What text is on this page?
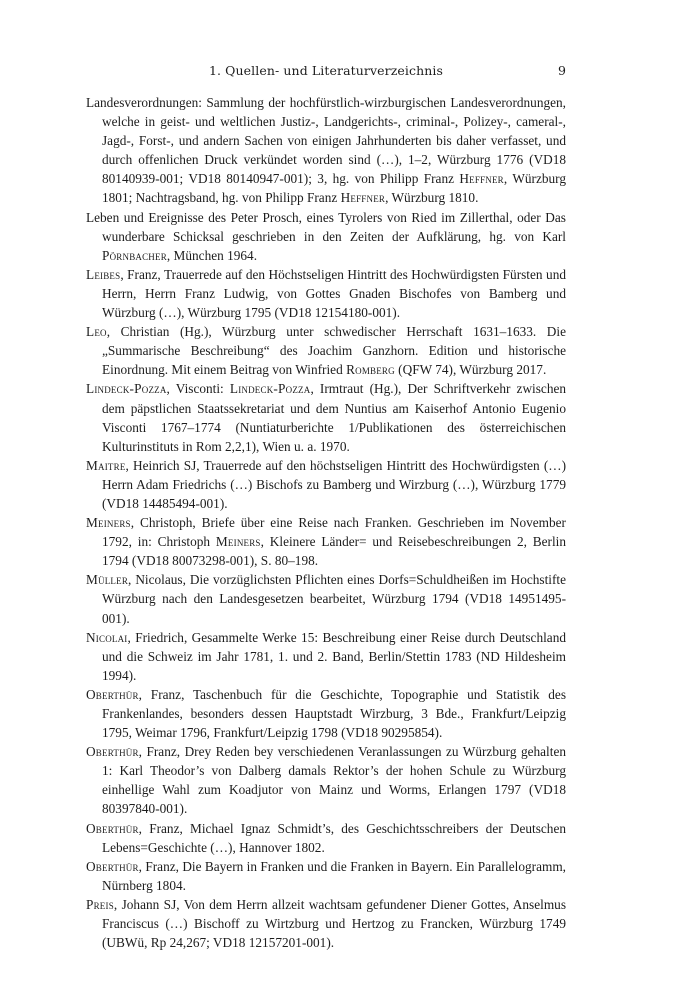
1. Quellen- und Literaturverzeichnis	9
Landesverordnungen: Sammlung der hochfürstlich-wirzburgischen Landesverordnungen, welche in geist- und weltlichen Justiz-, Landgerichts-, criminal-, Polizey-, cameral-, Jagd-, Forst-, und andern Sachen von einigen Jahrhunderten bis daher verfasset, und durch offenlichen Druck verkündet worden sind (…), 1–2, Würzburg 1776 (VD18 80140939-001; VD18 80140947-001); 3, hg. von Philipp Franz Heffner, Würzburg 1801; Nachtragsband, hg. von Philipp Franz Heffner, Würzburg 1810.
Leben und Ereignisse des Peter Prosch, eines Tyrolers von Ried im Zillerthal, oder Das wunderbare Schicksal geschrieben in den Zeiten der Aufklärung, hg. von Karl Pörnbacher, München 1964.
Leibes, Franz, Trauerrede auf den Höchstseligen Hintritt des Hochwürdigsten Fürsten und Herrn, Herrn Franz Ludwig, von Gottes Gnaden Bischofes von Bamberg und Würzburg (…), Würzburg 1795 (VD18 12154180-001).
Leo, Christian (Hg.), Würzburg unter schwedischer Herrschaft 1631–1633. Die „Summarische Beschreibung“ des Joachim Ganzhorn. Edition und historische Einordnung. Mit einem Beitrag von Winfried Romberg (QFW 74), Würzburg 2017.
Lindeck-Pozza, Visconti: Lindeck-Pozza, Irmtraut (Hg.), Der Schriftverkehr zwischen dem päpstlichen Staatssekretariat und dem Nuntius am Kaiserhof Antonio Eugenio Visconti 1767–1774 (Nuntiaturberichte 1/Publikationen des österreichischen Kulturinstituts in Rom 2,2,1), Wien u. a. 1970.
Maitre, Heinrich SJ, Trauerrede auf den höchstseligen Hintritt des Hochwürdigsten (…) Herrn Adam Friedrichs (…) Bischofs zu Bamberg und Wirzburg (…), Würzburg 1779 (VD18 14485494-001).
Meiners, Christoph, Briefe über eine Reise nach Franken. Geschrieben im November 1792, in: Christoph Meiners, Kleinere Länder= und Reisebeschreibungen 2, Berlin 1794 (VD18 80073298-001), S. 80–198.
Müller, Nicolaus, Die vorzüglichsten Pflichten eines Dorfs=Schuldheißen im Hochstifte Würzburg nach den Landesgesetzen bearbeitet, Würzburg 1794 (VD18 14951495-001).
Nicolai, Friedrich, Gesammelte Werke 15: Beschreibung einer Reise durch Deutschland und die Schweiz im Jahr 1781, 1. und 2. Band, Berlin/Stettin 1783 (ND Hildesheim 1994).
Oberthür, Franz, Taschenbuch für die Geschichte, Topographie und Statistik des Frankenlandes, besonders dessen Hauptstadt Wirzburg, 3 Bde., Frankfurt/Leipzig 1795, Weimar 1796, Frankfurt/Leipzig 1798 (VD18 90295854).
Oberthür, Franz, Drey Reden bey verschiedenen Veranlassungen zu Würzburg gehalten 1: Karl Theodor’s von Dalberg damals Rektor’s der hohen Schule zu Würzburg einhellige Wahl zum Koadjutor von Mainz und Worms, Erlangen 1797 (VD18 80397840-001).
Oberthür, Franz, Michael Ignaz Schmidt’s, des Geschichtsschreibers der Deutschen Lebens=Geschichte (…), Hannover 1802.
Oberthür, Franz, Die Bayern in Franken und die Franken in Bayern. Ein Parallelogramm, Nürnberg 1804.
Preis, Johann SJ, Von dem Herrn allzeit wachtsam gefundener Diener Gottes, Anselmus Franciscus (…) Bischoff zu Wirtzburg und Hertzog zu Francken, Würzburg 1749 (UBWü, Rp 24,267; VD18 12157201-001).
